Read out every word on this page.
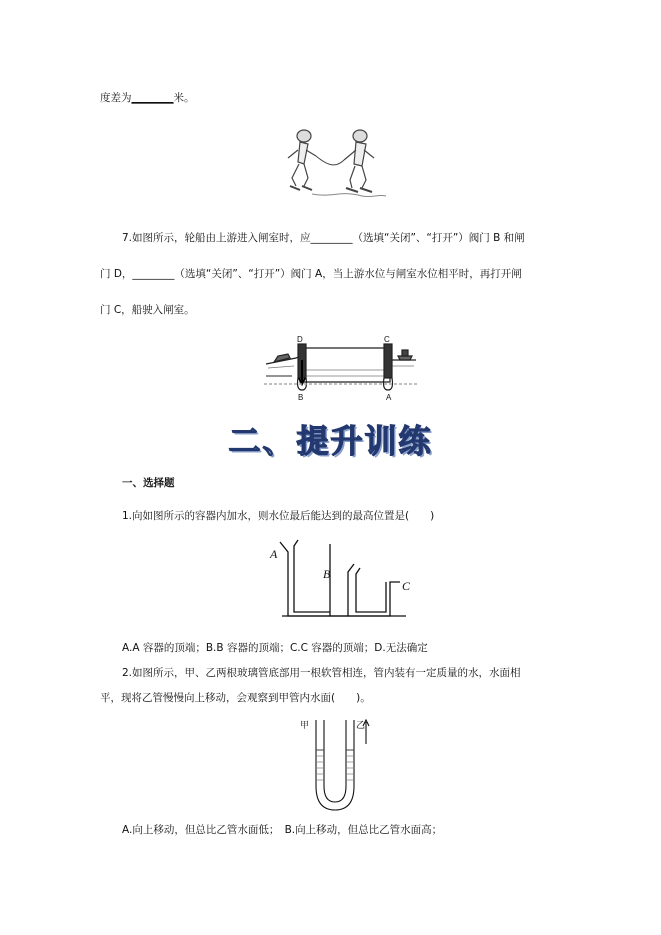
度差为________米。
7.如图所示，轮船由上游进入闸室时，应________（选填“关闭”、“打开”）阀门 B 和闸
门 D，________（选填“关闭”、“打开”）阀门 A，当上游水位与闸室水位相平时，再打开闸
门 C，船驶入闸室。
D	C
B	A
二、提升训练
一、选择题
1.向如图所示的容器内加水，则水位最后能达到的最高位置是(　　)
A
B
C
A.A 容器的顶端；B.B 容器的顶端；C.C 容器的顶端；D.无法确定
2.如图所示，甲、乙两根玻璃管底部用一根软管相连，管内装有一定质量的水，水面相
平，现将乙管慢慢向上移动，会观察到甲管内水面(　　)。
甲	乙
A.向上移动，但总比乙管水面低；　B.向上移动，但总比乙管水面高；
